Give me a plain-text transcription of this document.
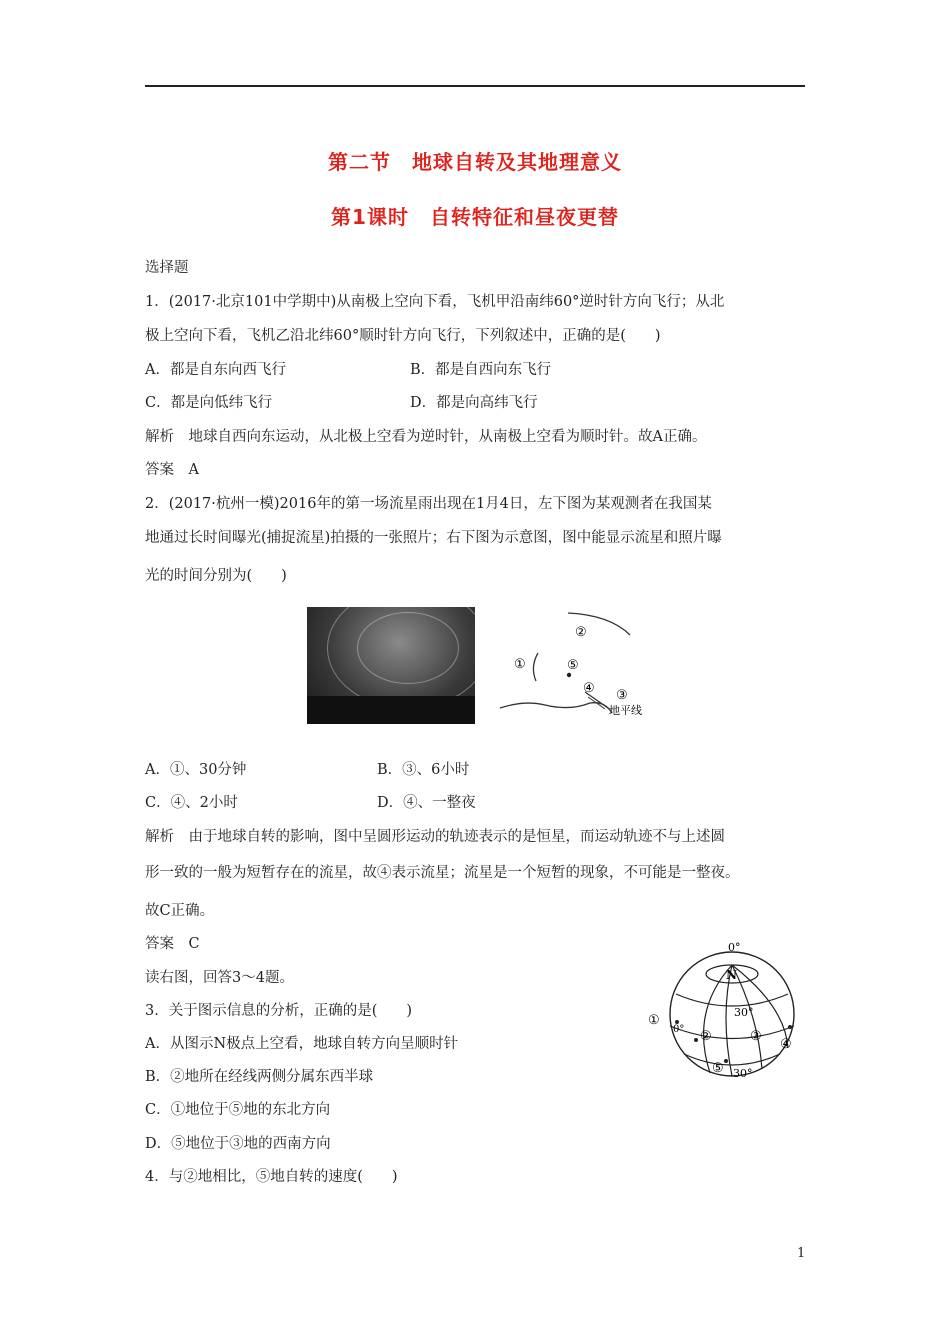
第二节　地球自转及其地理意义
第1课时　自转特征和昼夜更替
选择题
1．(2017·北京101中学期中)从南极上空向下看，飞机甲沿南纬60°逆时针方向飞行；从北
极上空向下看，飞机乙沿北纬60°顺时针方向飞行，下列叙述中，正确的是(　　)
A．都是自东向西飞行	B．都是自西向东飞行
C．都是向低纬飞行	D．都是向高纬飞行
解析　地球自西向东运动，从北极上空看为逆时针，从南极上空看为顺时针。故A正确。
答案　A
2．(2017·杭州一模)2016年的第一场流星雨出现在1月4日，左下图为某观测者在我国某
地通过长时间曝光(捕捉流星)拍摄的一张照片；右下图为示意图，图中能显示流星和照片曝
光的时间分别为(　　)
②
①	⑤
④ ③
地平线
A．①、30分钟	B．③、6小时
C．④、2小时	D．④、一整夜
解析　由于地球自转的影响，图中呈圆形运动的轨迹表示的是恒星，而运动轨迹不与上述圆
形一致的一般为短暂存在的流星，故④表示流星；流星是一个短暂的现象，不可能是一整夜。
故C正确。
答案　C
读右图，回答3～4题。
3．关于图示信息的分析，正确的是(　　)
A．从图示N极点上空看，地球自转方向呈顺时针
B．②地所在经线两侧分属东西半球
C．①地位于⑤地的东北方向
D．⑤地位于③地的西南方向
4．与②地相比，⑤地自转的速度(　　)
0°
N
30°
0°
30°
①
②	③
④
⑤
1
